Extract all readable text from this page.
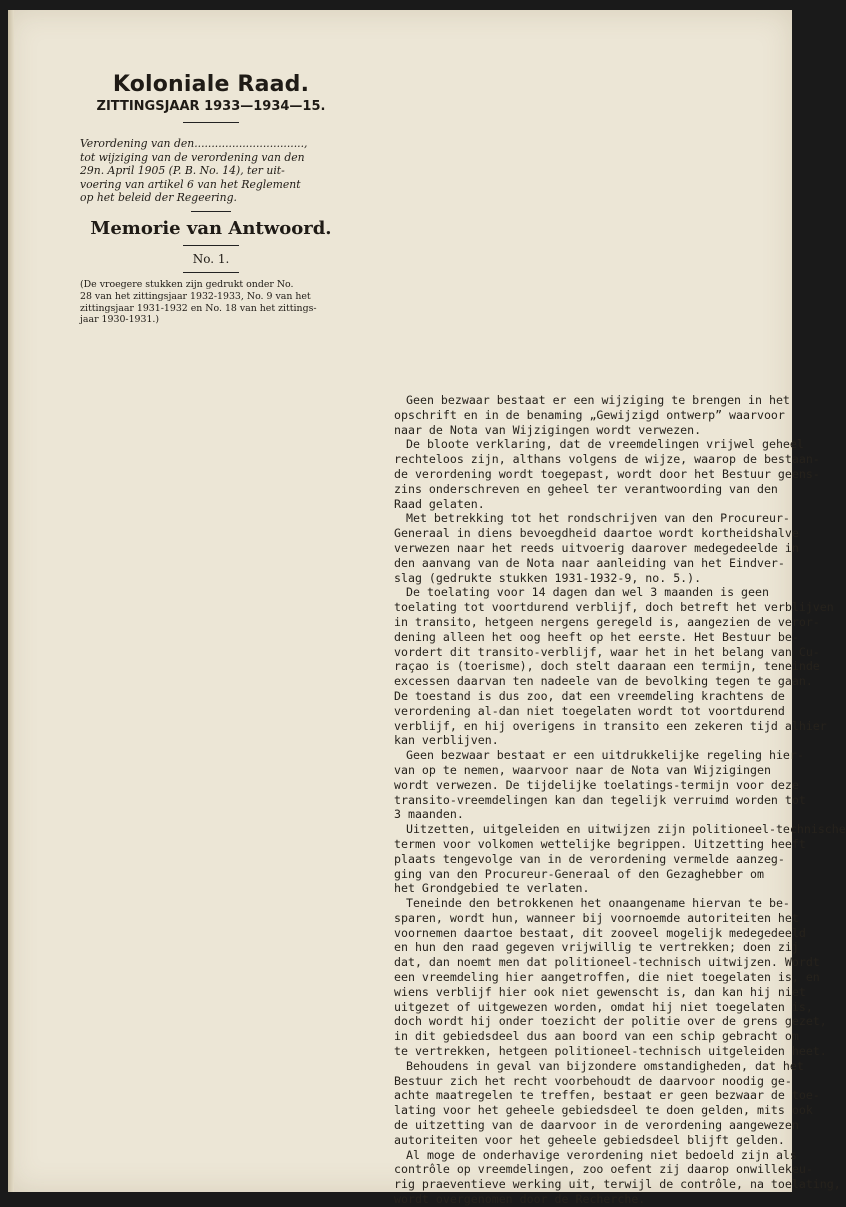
Koloniale Raad.
ZITTINGSJAAR 1933—1934—15.

Verordening van den................................,

tot wijziging van de verordening van den

29n. April 1905 (P. B. No. 14), ter uit-

voering van artikel 6 van het Reglement

op het beleid der Regeering.

Memorie van Antwoord.
No. 1.
(De vroegere stukken zijn gedrukt onder No.
28 van het zittingsjaar 1932-1933, No. 9 van het
zittingsjaar 1931-1932 en No. 18 van het zittings-
jaar 1930-1931.)
Geen bezwaar bestaat er een wijziging te brengen in het
opschrift en in de benaming „Gewijzigd ontwerp” waarvoor
naar de Nota van Wijzigingen wordt verwezen.
De bloote verklaring, dat de vreemdelingen vrijwel geheel
rechteloos zijn, althans volgens de wijze, waarop de bestaan-
de verordening wordt toegepast, wordt door het Bestuur geens-
zins onderschreven en geheel ter verantwoording van den
Raad gelaten.
Met betrekking tot het rondschrijven van den Procureur-
Generaal in diens bevoegdheid daartoe wordt kortheidshalve
verwezen naar het reeds uitvoerig daarover medegedeelde in
den aanvang van de Nota naar aanleiding van het Eindver-
slag (gedrukte stukken 1931-1932-9, no. 5.).
De toelating voor 14 dagen dan wel 3 maanden is geen
toelating tot voortdurend verblijf, doch betreft het verblijven
in transito, hetgeen nergens geregeld is, aangezien de veror-
dening alleen het oog heeft op het eerste. Het Bestuur be-
vordert dit transito-verblijf, waar het in het belang van Cu-
raçao is (toerisme), doch stelt daaraan een termijn, teneinde
excessen daarvan ten nadeele van de bevolking tegen te gaan.
De toestand is dus zoo, dat een vreemdeling krachtens de
verordening al-dan niet toegelaten wordt tot voortdurend
verblijf, en hij overigens in transito een zekeren tijd alhier
kan verblijven.
Geen bezwaar bestaat er een uitdrukkelijke regeling hier-
van op te nemen, waarvoor naar de Nota van Wijzigingen
wordt verwezen. De tijdelijke toelatings-termijn voor deze
transito-vreemdelingen kan dan tegelijk verruimd worden tot
3 maanden.
Uitzetten, uitgeleiden en uitwijzen zijn politioneel-technische
termen voor volkomen wettelijke begrippen. Uitzetting heeft
plaats tengevolge van in de verordening vermelde aanzeg-
ging van den Procureur-Generaal of den Gezaghebber om
het Grondgebied te verlaten.
Teneinde den betrokkenen het onaangename hiervan te be-
sparen, wordt hun, wanneer bij voornoemde autoriteiten het
voornemen daartoe bestaat, dit zooveel mogelijk medegedeeld
en hun den raad gegeven vrijwillig te vertrekken; doen zij
dat, dan noemt men dat politioneel-technisch uitwijzen. Wordt
een vreemdeling hier aangetroffen, die niet toegelaten is, en
wiens verblijf hier ook niet gewenscht is, dan kan hij niet
uitgezet of uitgewezen worden, omdat hij niet toegelaten is,
doch wordt hij onder toezicht der politie over de grens gezet,
in dit gebiedsdeel dus aan boord van een schip gebracht om
te vertrekken, hetgeen politioneel-technisch uitgeleiden heet.
Behoudens in geval van bijzondere omstandigheden, dat het
Bestuur zich het recht voorbehoudt de daarvoor noodig ge-
achte maatregelen te treffen, bestaat er geen bezwaar de toe-
lating voor het geheele gebiedsdeel te doen gelden, mits ook
de uitzetting van de daarvoor in de verordening aangewezen
autoriteiten voor het geheele gebiedsdeel blijft gelden.
Al moge de onderhavige verordening niet bedoeld zijn als
contrôle op vreemdelingen, zoo oefent zij daarop onwillekeu-
rig praeventieve werking uit, terwijl de contrôle, na toelating,
wordt overgenomen door de Recherche.
